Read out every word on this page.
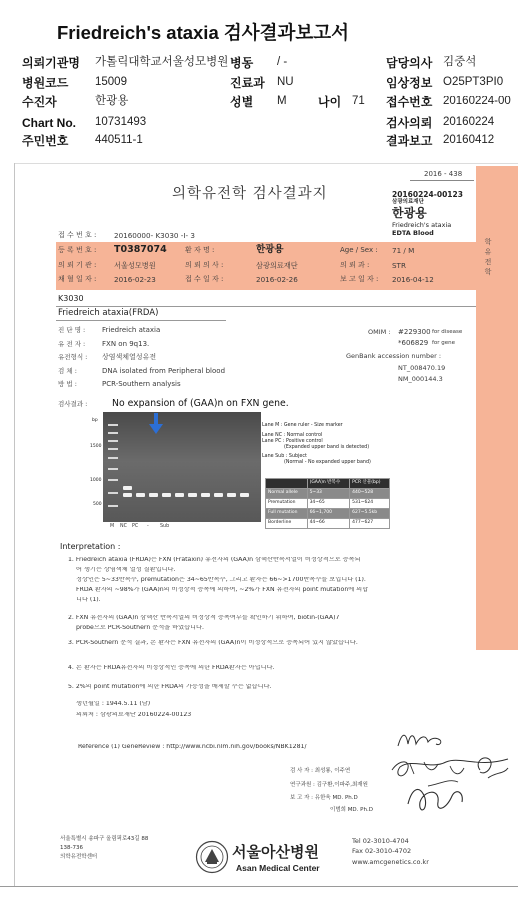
Friedreich's ataxia 검사결과보고서
의뢰기관명 가톨릭대학교서울성모병원 병동 / -	담당의사 김중석
병원코드 15009	진료과 NU	임상정보 O25PT3PI0
수진자	한광용	성별 M	나이 71 접수번호 20160224-00
Chart No. 10731493	검사의뢰 20160224
주민번호 440511-1	결과보고 20160412
2016 - 438
의학유전학 검사결과지	20160224-00123
삼광의료재단
한광용
Friedreich's ataxia
EDTA Blood
학유전학
접 수 번 호 : 20160000- K3030 -I- 3
등 록 번 호 : T0387074	환 자 명 :	한광용	Age / Sex : 71 / M
의 뢰 기 관 : 서울성모병원	의 뢰 의 사 :	삼광의료재단	의 뢰 과 :	STR
채 혈 일 자 : 2016-02-23	접 수 일 자 :	2016-02-26	보 고 일 자 : 2016-04-12
K3030
Friedreich ataxia(FRDA)
진 단 명 : Friedreich ataxia
유 전 자 : FXN on 9q13.
유전형식 : 상염색체열성유전
검 체 :	DNA isolated from Peripheral blood
방 법 :	PCR-Southern analysis
OMIM : #229300 for disease
*606829 for gene
GenBank accession number :
NT_008470.19
NM_000144.3
검사결과 :	No expansion of (GAA)n on FXN gene.
bp
1500
1000
500
M NC PC - Sub
Lane M : Gene ruler - Size marker
Lane NC : Normal control
Lane PC : Positive control
(Expanded upper band is detected)
Lane Sub : Subject
(Normal - No expanded upper band)
	(GAA)n 반복수	PCR 산물(bp)
Normal allele	5~33	440~528
Premutation	34~65	531~624
Full mutation	66~1,700	627~5.5kb
Borderline	44~66	477~627
Interpretation :
1. Friedreich ataxia (FRDA)는 FXN (Frataxin) 유전자의 (GAA)n 삼핵산반복서열이 비정상적으로 증폭되
어 생기는 상염색체 열성 질환입니다.
정상인은 5~33반복수, premutation은 34~65반복수, 그리고 환자는 66~>1700반복수를 보입니다 (1).
FRDA 환자의 ~98%가 (GAA)n의 비정상적 증폭에 의하여, ~2%가 FXN 유전자의 point mutation에 의합
니다 (1).
2. FXN 유전자의 (GAA)n 삼핵산 반복서열의 비정상적 증폭여부를 확인하기 위하여, biotin-(GAA)7
probe으로 PCR-Southern 분석을 하였습니다.
3. PCR-Southern 분석 결과, 본 환자는 FXN 유전자의 (GAA)n이 비정상적으로 증폭되어 있지 않았습니다.
4. 본 환자는 FRDA유전자의 비정상적인 증폭에 의한 FRDA환자는 아닙니다.
5. 2%의 point mutation에 의한 FRDA의 가능성을 배제할 수는 없습니다.
생년월일 : 1944.5.11 (남)
의뢰처 : 삼광의료재단 20160224-00123
Reference (1) GeneReview : http://www.ncbi.nlm.nih.gov/books/NBK1281/
검 사 자 : 최성룡, 이주연
연구과원 : 김구환,이파주,최재원
보 고 자 : 유한욱 MD. Ph.D
이범희 MD. Ph.D
서울특별시 송파구 올림픽로43길 88
138-736
의학유전학센터	서울아산병원
Asan Medical Center
Tel 02-3010-4704
Fax 02-3010-4702
www.amcgenetics.co.kr
